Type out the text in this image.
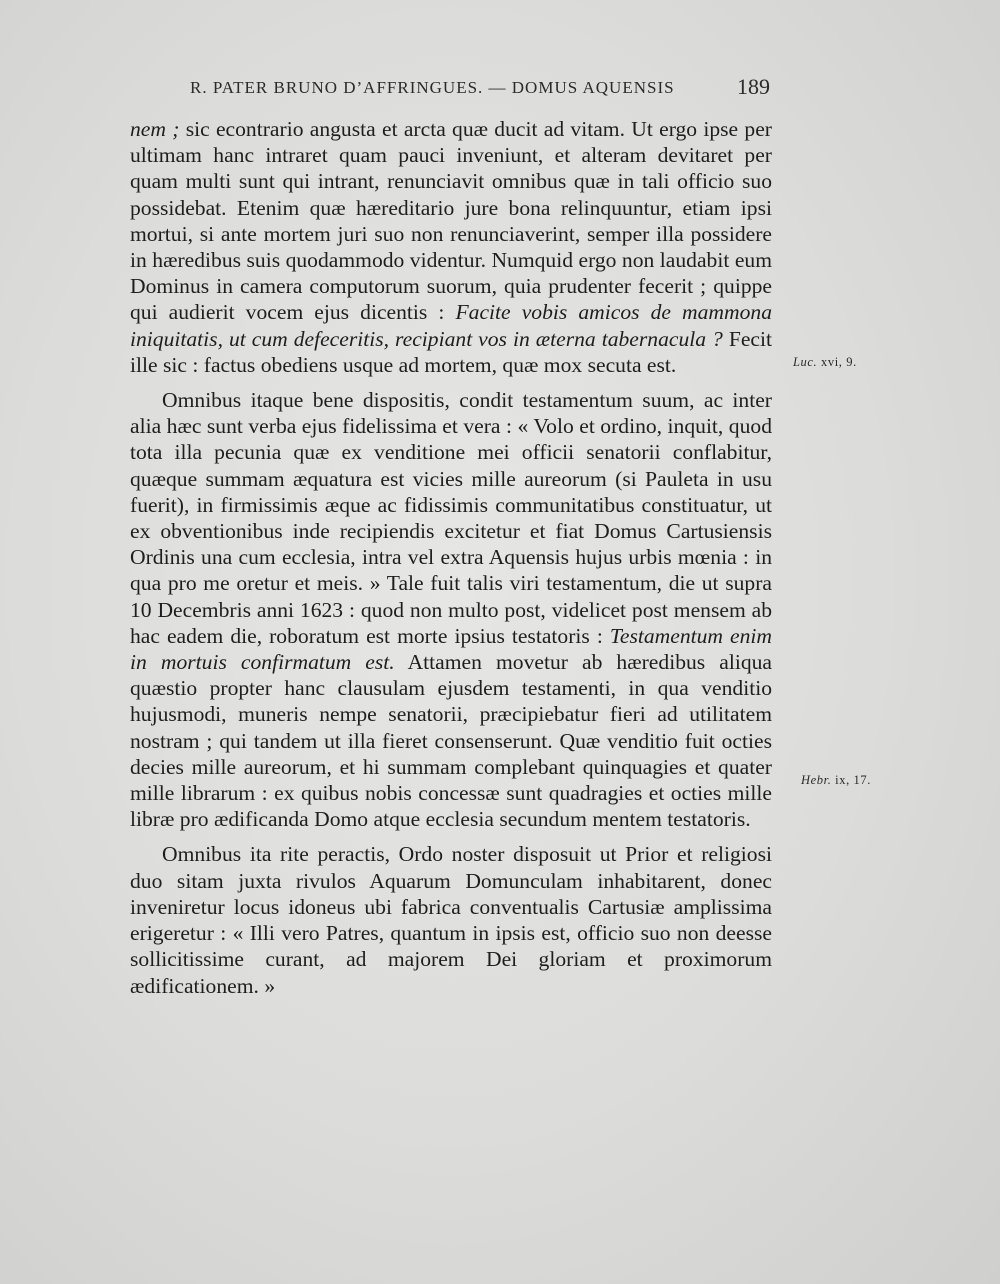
R. PATER BRUNO D’AFFRINGUES. — DOMUS AQUENSIS	189

nem ; sic econtrario angusta et arcta quæ ducit ad vitam. Ut ergo ipse per ultimam hanc intraret quam pauci inveniunt, et alteram devitaret per quam multi sunt qui intrant, renunciavit omnibus quæ in tali officio suo possidebat. Etenim quæ hæreditario jure bona relinquuntur, etiam ipsi mortui, si ante mortem juri suo non renunciaverint, semper illa possidere in hæredibus suis quodammodo videntur. Numquid ergo non laudabit eum Dominus in camera computorum suorum, quia prudenter fecerit ; quippe qui audierit vocem ejus dicentis : Facite vobis amicos de mammona iniquitatis, ut cum defeceritis, recipiant vos in æterna tabernacula ? Fecit ille sic : factus obediens usque ad mortem, quæ mox secuta est.

Omnibus itaque bene dispositis, condit testamentum suum, ac inter alia hæc sunt verba ejus fidelissima et vera : « Volo et ordino, inquit, quod tota illa pecunia quæ ex venditione mei officii senatorii conflabitur, quæque summam æquatura est vicies mille aureorum (si Pauleta in usu fuerit), in firmissimis æque ac fidissimis communitatibus constituatur, ut ex obventionibus inde recipiendis excitetur et fiat Domus Cartusiensis Ordinis una cum ecclesia, intra vel extra Aquensis hujus urbis mœnia : in qua pro me oretur et meis. » Tale fuit talis viri testamentum, die ut supra 10 Decembris anni 1623 : quod non multo post, videlicet post mensem ab hac eadem die, roboratum est morte ipsius testatoris : Testamentum enim in mortuis confirmatum est. Attamen movetur ab hæredibus aliqua quæstio propter hanc clausulam ejusdem testamenti, in qua venditio hujusmodi, muneris nempe senatorii, præcipiebatur fieri ad utilitatem nostram ; qui tandem ut illa fieret consenserunt. Quæ venditio fuit octies decies mille aureorum, et hi summam complebant quinquagies et quater mille librarum : ex quibus nobis concessæ sunt quadragies et octies mille libræ pro ædificanda Domo atque ecclesia secundum mentem testatoris.

Omnibus ita rite peractis, Ordo noster disposuit ut Prior et religiosi duo sitam juxta rivulos Aquarum Domunculam inhabitarent, donec inveniretur locus idoneus ubi fabrica conventualis Cartusiæ amplissima erigeretur : « Illi vero Patres, quantum in ipsis est, officio suo non deesse sollicitissime curant, ad majorem Dei gloriam et proximorum ædificationem. »

Luc. xvi, 9.
Hebr. ix, 17.
